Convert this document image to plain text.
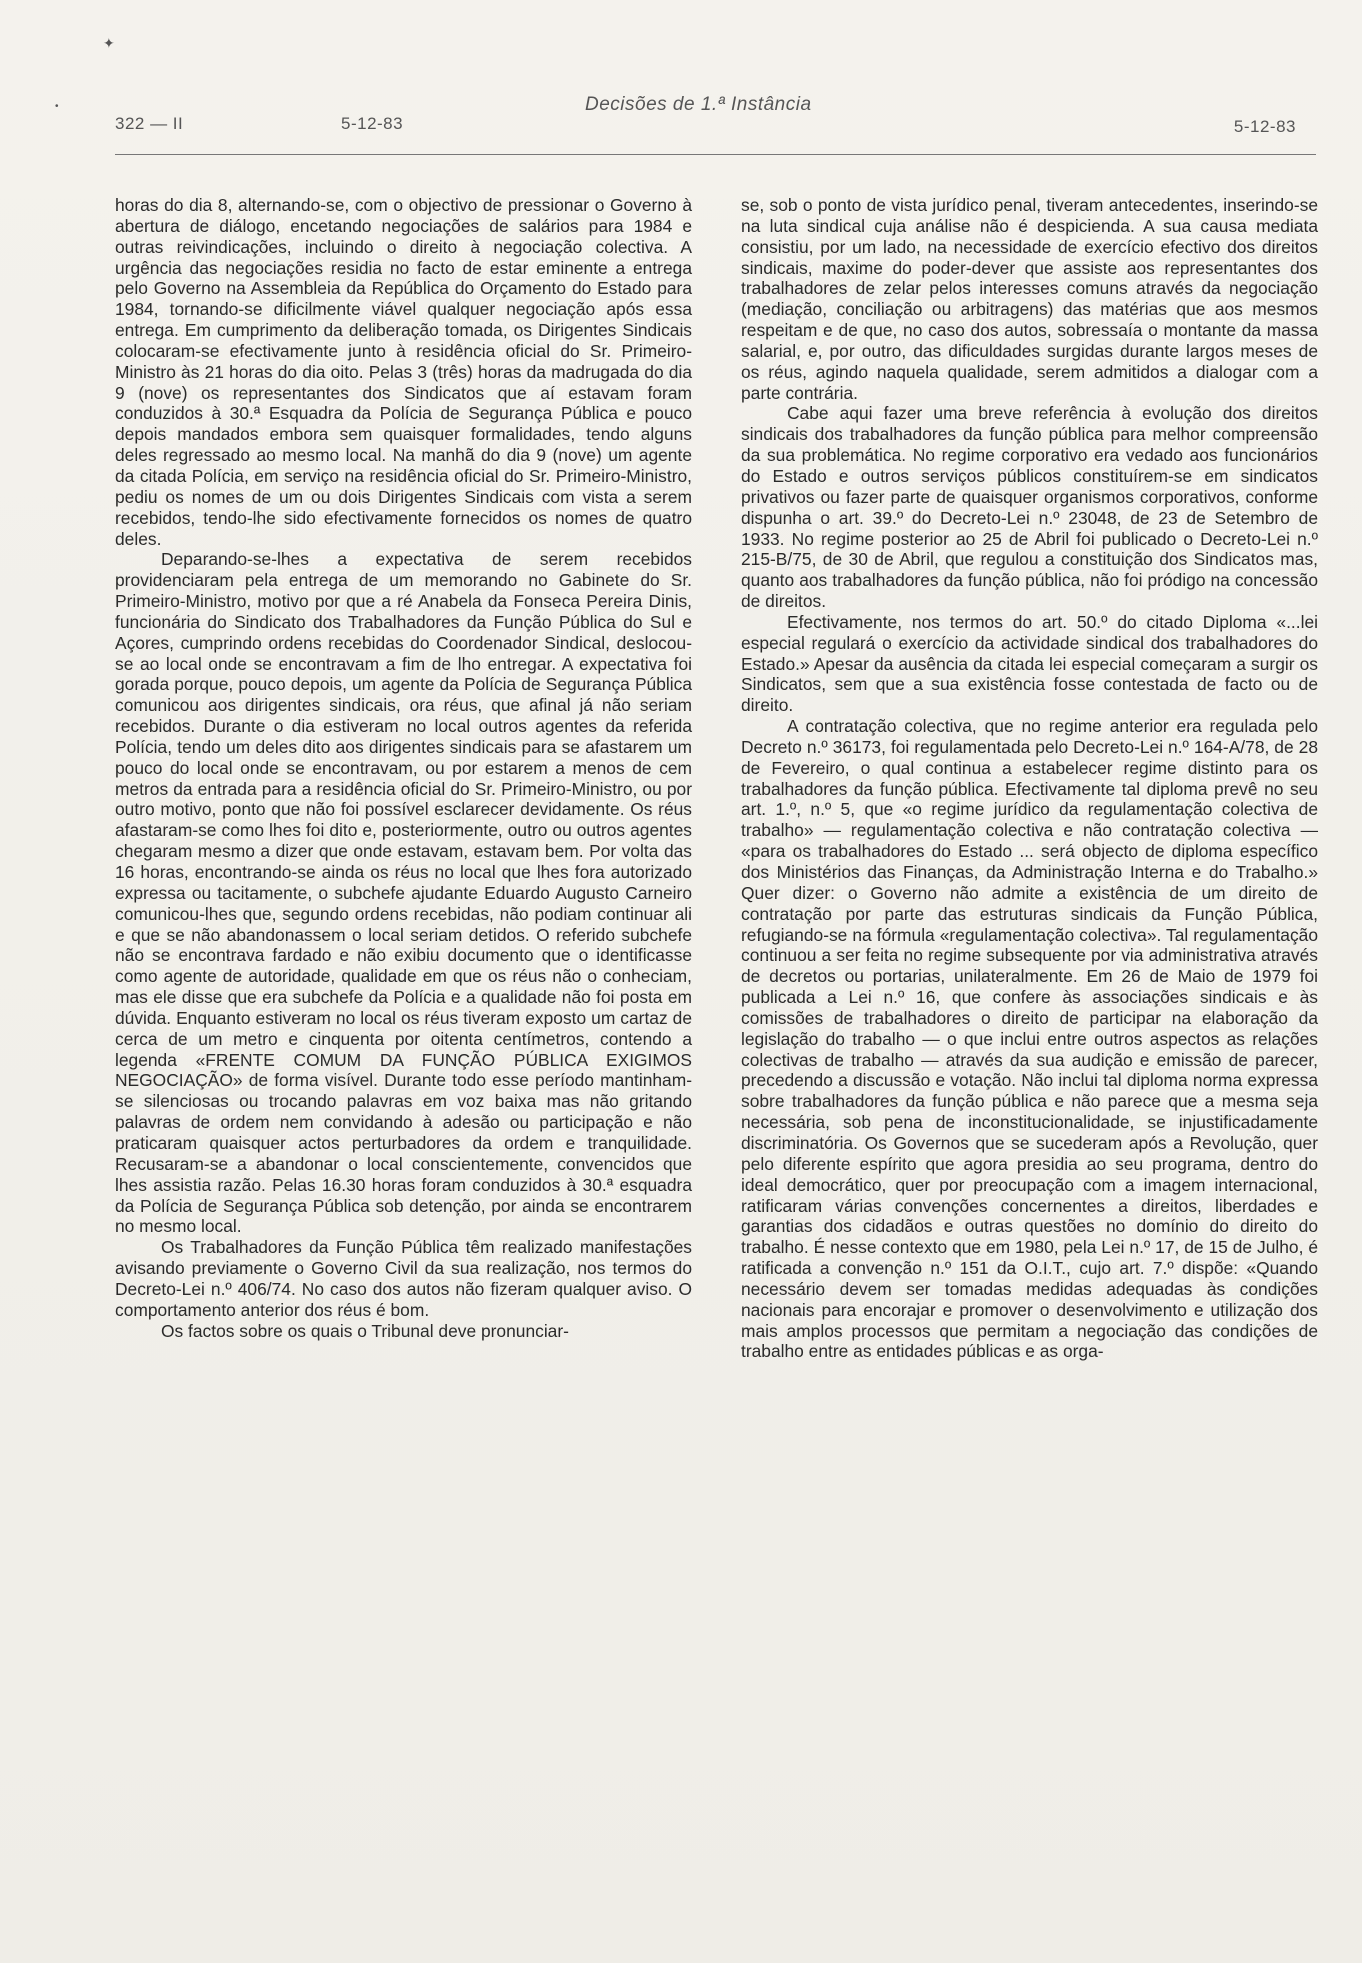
✦
•
322 — II	5-12-83
Decisões de 1.ª Instância
5-12-83

horas do dia 8, alternando-se, com o objectivo de pressionar o Governo à abertura de diálogo, encetando negociações de salários para 1984 e outras reivindicações, incluindo o direito à negociação colectiva. A urgência das negociações residia no facto de estar eminente a entrega pelo Governo na Assembleia da República do Orçamento do Estado para 1984, tornando-se dificilmente viável qualquer negociação após essa entrega. Em cumprimento da deliberação tomada, os Dirigentes Sindicais colocaram-se efectivamente junto à residência oficial do Sr. Primeiro-Ministro às 21 horas do dia oito. Pelas 3 (três) horas da madrugada do dia 9 (nove) os representantes dos Sindicatos que aí estavam foram conduzidos à 30.ª Esquadra da Polícia de Segurança Pública e pouco depois mandados embora sem quaisquer formalidades, tendo alguns deles regressado ao mesmo local. Na manhã do dia 9 (nove) um agente da citada Polícia, em serviço na residência oficial do Sr. Primeiro-Ministro, pediu os nomes de um ou dois Dirigentes Sindicais com vista a serem recebidos, tendo-lhe sido efectivamente fornecidos os nomes de quatro deles.

Deparando-se-lhes a expectativa de serem recebidos providenciaram pela entrega de um memorando no Gabinete do Sr. Primeiro-Ministro, motivo por que a ré Anabela da Fonseca Pereira Dinis, funcionária do Sindicato dos Trabalhadores da Função Pública do Sul e Açores, cumprindo ordens recebidas do Coordenador Sindical, deslocou-se ao local onde se encontravam a fim de lho entregar. A expectativa foi gorada porque, pouco depois, um agente da Polícia de Segurança Pública comunicou aos dirigentes sindicais, ora réus, que afinal já não seriam recebidos. Durante o dia estiveram no local outros agentes da referida Polícia, tendo um deles dito aos dirigentes sindicais para se afastarem um pouco do local onde se encontravam, ou por estarem a menos de cem metros da entrada para a residência oficial do Sr. Primeiro-Ministro, ou por outro motivo, ponto que não foi possível esclarecer devidamente. Os réus afastaram-se como lhes foi dito e, posteriormente, outro ou outros agentes chegaram mesmo a dizer que onde estavam, estavam bem. Por volta das 16 horas, encontrando-se ainda os réus no local que lhes fora autorizado expressa ou tacitamente, o subchefe ajudante Eduardo Augusto Carneiro comunicou-lhes que, segundo ordens recebidas, não podiam continuar ali e que se não abandonassem o local seriam detidos. O referido subchefe não se encontrava fardado e não exibiu documento que o identificasse como agente de autoridade, qualidade em que os réus não o conheciam, mas ele disse que era subchefe da Polícia e a qualidade não foi posta em dúvida. Enquanto estiveram no local os réus tiveram exposto um cartaz de cerca de um metro e cinquenta por oitenta centímetros, contendo a legenda «FRENTE COMUM DA FUNÇÃO PÚBLICA EXIGIMOS NEGOCIAÇÃO» de forma visível. Durante todo esse período mantinham-se silenciosas ou trocando palavras em voz baixa mas não gritando palavras de ordem nem convidando à adesão ou participação e não praticaram quaisquer actos perturbadores da ordem e tranquilidade. Recusaram-se a abandonar o local conscientemente, convencidos que lhes assistia razão. Pelas 16.30 horas foram conduzidos à 30.ª esquadra da Polícia de Segurança Pública sob detenção, por ainda se encontrarem no mesmo local.

Os Trabalhadores da Função Pública têm realizado manifestações avisando previamente o Governo Civil da sua realização, nos termos do Decreto-Lei n.º 406/74. No caso dos autos não fizeram qualquer aviso. O comportamento anterior dos réus é bom.

Os factos sobre os quais o Tribunal deve pronunciar-

se, sob o ponto de vista jurídico penal, tiveram antecedentes, inserindo-se na luta sindical cuja análise não é despicienda. A sua causa mediata consistiu, por um lado, na necessidade de exercício efectivo dos direitos sindicais, maxime do poder-dever que assiste aos representantes dos trabalhadores de zelar pelos interesses comuns através da negociação (mediação, conciliação ou arbitragens) das matérias que aos mesmos respeitam e de que, no caso dos autos, sobressaía o montante da massa salarial, e, por outro, das dificuldades surgidas durante largos meses de os réus, agindo naquela qualidade, serem admitidos a dialogar com a parte contrária.

Cabe aqui fazer uma breve referência à evolução dos direitos sindicais dos trabalhadores da função pública para melhor compreensão da sua problemática. No regime corporativo era vedado aos funcionários do Estado e outros serviços públicos constituírem-se em sindicatos privativos ou fazer parte de quaisquer organismos corporativos, conforme dispunha o art. 39.º do Decreto-Lei n.º 23048, de 23 de Setembro de 1933. No regime posterior ao 25 de Abril foi publicado o Decreto-Lei n.º 215-B/75, de 30 de Abril, que regulou a constituição dos Sindicatos mas, quanto aos trabalhadores da função pública, não foi pródigo na concessão de direitos.

Efectivamente, nos termos do art. 50.º do citado Diploma «...lei especial regulará o exercício da actividade sindical dos trabalhadores do Estado.» Apesar da ausência da citada lei especial começaram a surgir os Sindicatos, sem que a sua existência fosse contestada de facto ou de direito.

A contratação colectiva, que no regime anterior era regulada pelo Decreto n.º 36173, foi regulamentada pelo Decreto-Lei n.º 164-A/78, de 28 de Fevereiro, o qual continua a estabelecer regime distinto para os trabalhadores da função pública. Efectivamente tal diploma prevê no seu art. 1.º, n.º 5, que «o regime jurídico da regulamentação colectiva de trabalho» — regulamentação colectiva e não contratação colectiva — «para os trabalhadores do Estado ... será objecto de diploma específico dos Ministérios das Finanças, da Administração Interna e do Trabalho.» Quer dizer: o Governo não admite a existência de um direito de contratação por parte das estruturas sindicais da Função Pública, refugiando-se na fórmula «regulamentação colectiva». Tal regulamentação continuou a ser feita no regime subsequente por via administrativa através de decretos ou portarias, unilateralmente. Em 26 de Maio de 1979 foi publicada a Lei n.º 16, que confere às associações sindicais e às comissões de trabalhadores o direito de participar na elaboração da legislação do trabalho — o que inclui entre outros aspectos as relações colectivas de trabalho — através da sua audição e emissão de parecer, precedendo a discussão e votação. Não inclui tal diploma norma expressa sobre trabalhadores da função pública e não parece que a mesma seja necessária, sob pena de inconstitucionalidade, se injustificadamente discriminatória. Os Governos que se sucederam após a Revolução, quer pelo diferente espírito que agora presidia ao seu programa, dentro do ideal democrático, quer por preocupação com a imagem internacional, ratificaram várias convenções concernentes a direitos, liberdades e garantias dos cidadãos e outras questões no domínio do direito do trabalho. É nesse contexto que em 1980, pela Lei n.º 17, de 15 de Julho, é ratificada a convenção n.º 151 da O.I.T., cujo art. 7.º dispõe: «Quando necessário devem ser tomadas medidas adequadas às condições nacionais para encorajar e promover o desenvolvimento e utilização dos mais amplos processos que permitam a negociação das condições de trabalho entre as entidades públicas e as orga-
